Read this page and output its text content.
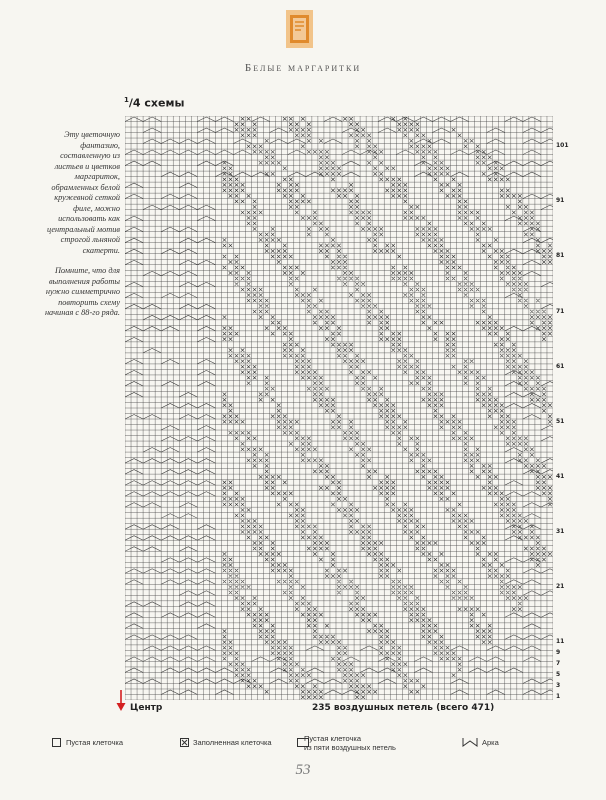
Белые маргаритки
$^1$/4 схемы

Эту цветочную фантазию, составленную из листьев и цветков маргариток, обрамленных белой кружевной сеткой филе, можно использовать как центральный мотив строгой льняной скатерти.

Помните, что для выполнения работы нужно симметрично повторить схему начиная с 88-го ряда.

101
91
81
71
61
51
41
31
21
11
9
7
5
3
1
Центр	235 воздушных петель (всего 471)
Пустая клеточка	Заполненная клеточка	Пустая клеточка
из пяти воздушных петель
Арка
53
